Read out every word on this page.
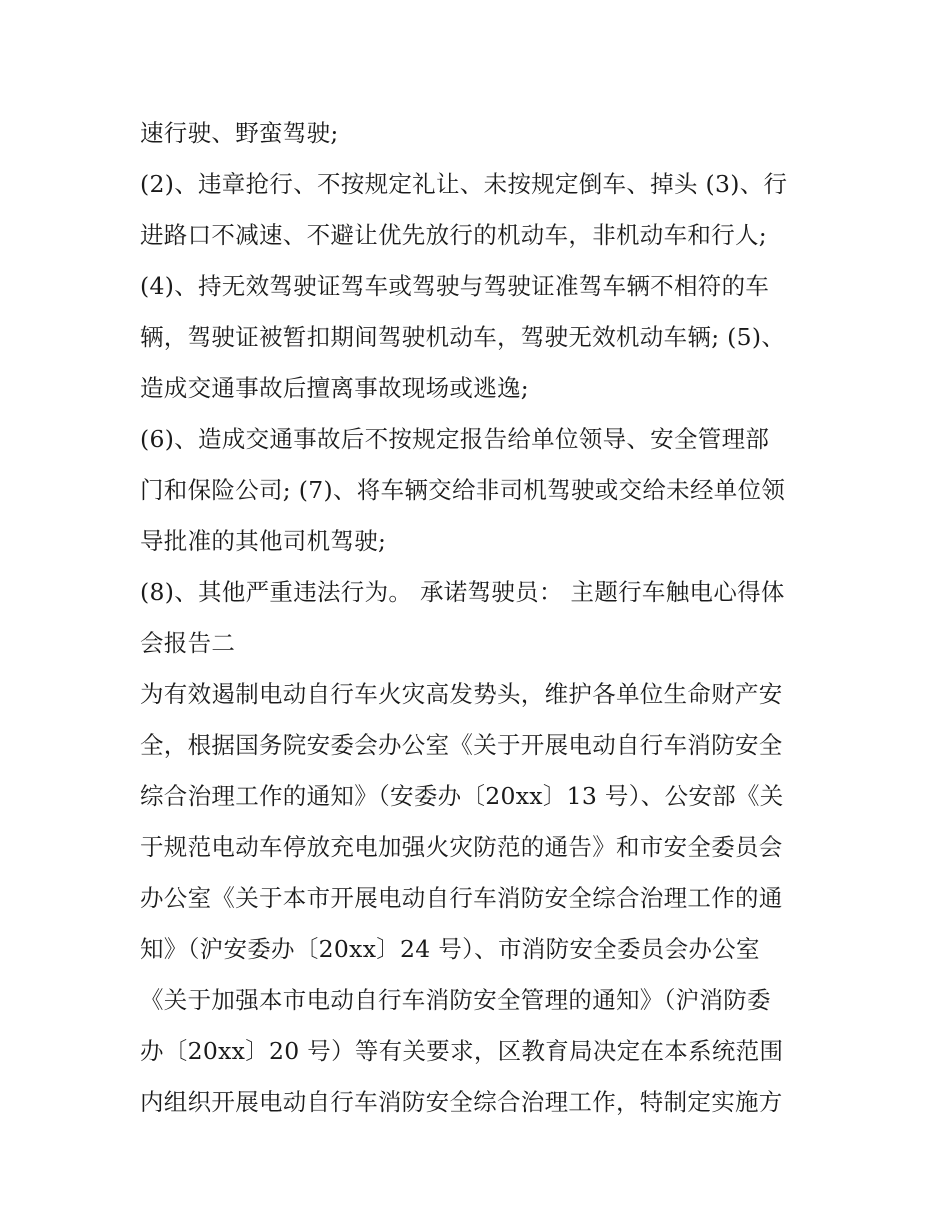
速行驶、野蛮驾驶;
(2)、违章抢行、不按规定礼让、未按规定倒车、掉头 (3)、行
进路口不减速、不避让优先放行的机动车，非机动车和行人;
(4)、持无效驾驶证驾车或驾驶与驾驶证准驾车辆不相符的车
辆，驾驶证被暂扣期间驾驶机动车，驾驶无效机动车辆; (5)、
造成交通事故后擅离事故现场或逃逸;
(6)、造成交通事故后不按规定报告给单位领导、安全管理部
门和保险公司; (7)、将车辆交给非司机驾驶或交给未经单位领
导批准的其他司机驾驶;
(8)、其他严重违法行为。 承诺驾驶员： 主题行车触电心得体
会报告二
为有效遏制电动自行车火灾高发势头，维护各单位生命财产安
全，根据国务院安委会办公室《关于开展电动自行车消防安全
综合治理工作的通知》（安委办〔20xx〕13 号）、公安部《关
于规范电动车停放充电加强火灾防范的通告》和市安全委员会
办公室《关于本市开展电动自行车消防安全综合治理工作的通
知》（沪安委办〔20xx〕24 号）、市消防安全委员会办公室
《关于加强本市电动自行车消防安全管理的通知》（沪消防委
办〔20xx〕20 号）等有关要求，区教育局决定在本系统范围
内组织开展电动自行车消防安全综合治理工作，特制定实施方
